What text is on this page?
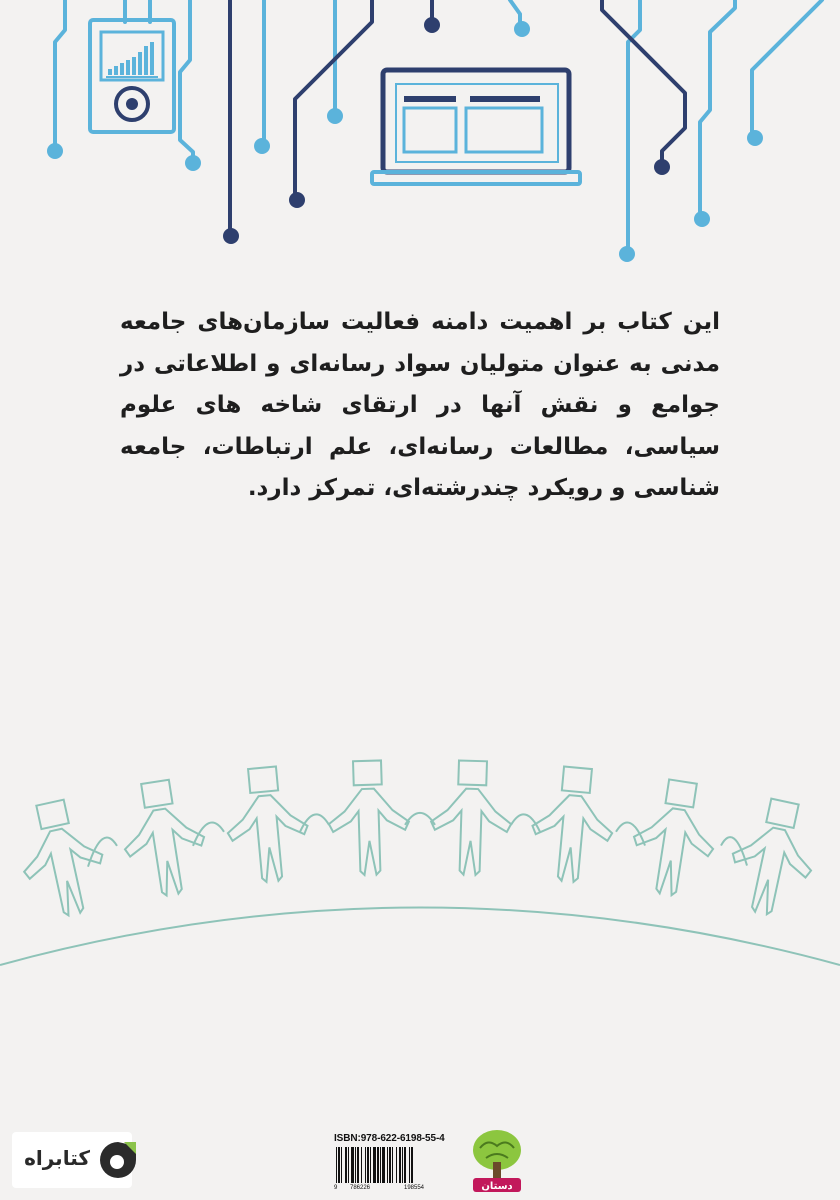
این کتاب بر اهمیت دامنه فعالیت سازمان‌های جامعه مدنی به عنوان متولیان سواد رسانه‌ای و اطلاعاتی در جوامع و نقش آنها در ارتقای شاخه های علوم سیاسی، مطالعات رسانه‌ای، علم ارتباطات، جامعه شناسی و رویکرد چندرشته‌ای، تمرکز دارد.
کتابراه
ISBN:978-622-6198-55-4
9 786226	198554	دستان
